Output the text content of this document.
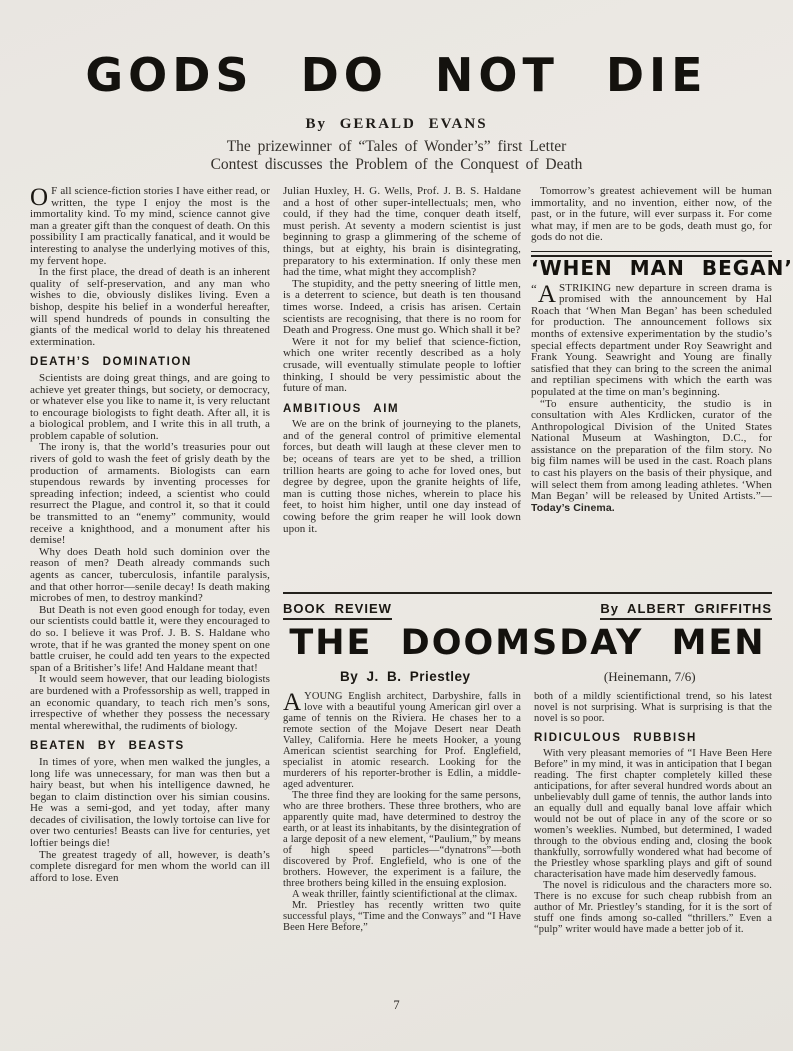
GODS DO NOT DIE
By GERALD EVANS
The prizewinner of “Tales of Wonder’s” first Letter
Contest discusses the Problem of the Conquest of Death

O F all science-fiction stories I have either read, or written, the type I enjoy the most is the immortality kind. To my mind, science cannot give man a greater gift than the conquest of death. On this possibility I am practically fanatical, and it would be interesting to analyse the underlying motives of this, my fervent hope.

In the first place, the dread of death is an inherent quality of self-preservation, and any man who wishes to die, obviously dislikes living. Even a bishop, despite his belief in a wonderful hereafter, will spend hundreds of pounds in consulting the giants of the medical world to delay his threatened extermination.

DEATH’S DOMINATION

Scientists are doing great things, and are going to achieve yet greater things, but society, or democracy, or whatever else you like to name it, is very reluctant to encourage biologists to fight death. After all, it is a biological problem, and I write this in all truth, a problem capable of solution.

The irony is, that the world’s treasuries pour out rivers of gold to wash the feet of grisly death by the production of armaments. Biologists can earn stupendous rewards by inventing processes for spreading infection; indeed, a scientist who could resurrect the Plague, and control it, so that it could be transmitted to an “enemy” community, would receive a knighthood, and a monument after his demise!

Why does Death hold such dominion over the reason of men? Death already commands such agents as cancer, tuberculosis, infantile paralysis, and that other horror—senile decay! Is death making microbes of men, to destroy mankind?

But Death is not even good enough for today, even our scientists could battle it, were they encouraged to do so. I believe it was Prof. J. B. S. Haldane who wrote, that if he was granted the money spent on one battle cruiser, he could add ten years to the expected span of a Britisher’s life! And Haldane meant that!

It would seem however, that our leading biologists are burdened with a Professorship as well, trapped in an economic quandary, to teach rich men’s sons, irrespective of whether they possess the necessary mental wherewithal, the rudiments of biology.

BEATEN BY BEASTS

In times of yore, when men walked the jungles, a long life was unnecessary, for man was then but a hairy beast, but when his intelligence dawned, he began to claim distinction over his simian cousins. He was a semi-god, and yet today, after many decades of civilisation, the lowly tortoise can live for over two centuries! Beasts can live for centuries, yet loftier beings die!

The greatest tragedy of all, however, is death’s complete disregard for men whom the world can ill afford to lose. Even

Julian Huxley, H. G. Wells, Prof. J. B. S. Haldane and a host of other super-intellectuals; men, who could, if they had the time, conquer death itself, must perish. At seventy a modern scientist is just beginning to grasp a glimmering of the scheme of things, but at eighty, his brain is disintegrating, preparatory to his extermination. If only these men had the time, what might they accomplish?

The stupidity, and the petty sneering of little men, is a deterrent to science, but death is ten thousand times worse. Indeed, a crisis has arisen. Certain scientists are recognising, that there is no room for Death and Progress. One must go. Which shall it be?

Were it not for my belief that science-fiction, which one writer recently described as a holy crusade, will eventually stimulate people to loftier thinking, I should be very pessimistic about the future of man.

AMBITIOUS AIM

We are on the brink of journeying to the planets, and of the general control of primitive elemental forces, but death will laugh at these clever men to be; oceans of tears are yet to be shed, a trillion trillion hearts are going to ache for loved ones, but degree by degree, upon the granite heights of life, man is cutting those niches, wherein to place his feet, to hoist him higher, until one day instead of cowing before the grim reaper he will look down upon it.

Tomorrow’s greatest achievement will be human immortality, and no invention, either now, of the past, or in the future, will ever surpass it. For come what may, if men are to be gods, death must go, for gods do not die.

‘WHEN MAN BEGAN’

“ A STRIKING new departure in screen drama is promised with the announcement by Hal Roach that ‘When Man Began’ has been scheduled for production. The announcement follows six months of extensive experimentation by the studio’s special effects department under Roy Seawright and Frank Young. Seawright and Young are finally satisfied that they can bring to the screen the animal and reptilian specimens with which the earth was populated at the time on man’s beginning.

“To ensure authenticity, the studio is in consultation with Ales Krdlicken, curator of the Anthropological Division of the United States National Museum at Washington, D.C., for assistance on the preparation of the film story. No big film names will be used in the cast. Roach plans to cast his players on the basis of their physique, and will select them from among leading athletes. ‘When Man Began’ will be released by United Artists.”—Today’s Cinema.

BOOK REVIEW	By ALBERT GRIFFITHS
THE DOOMSDAY MEN
By J. B. Priestley	(Heinemann, 7/6)

AYOUNG English architect, Darbyshire, falls in love with a beautiful young American girl over a game of tennis on the Riviera. He chases her to a remote section of the Mojave Desert near Death Valley, California. Here he meets Hooker, a young American scientist searching for Prof. Englefield, specialist in atomic research. Looking for the murderers of his reporter-brother is Edlin, a middle-aged adventurer.

The three find they are looking for the same persons, who are three brothers. These three brothers, who are apparently quite mad, have determined to destroy the earth, or at least its inhabitants, by the disintegration of a large deposit of a new element, “Paulium,” by means of high speed particles—“dynatrons”—both discovered by Prof. Englefield, who is one of the brothers. However, the experiment is a failure, the three brothers being killed in the ensuing explosion.

A weak thriller, faintly scientifictional at the climax.

Mr. Priestley has recently written two quite successful plays, “Time and the Conways” and “I Have Been Here Before,”

both of a mildly scientifictional trend, so his latest novel is not surprising. What is surprising is that the novel is so poor.

RIDICULOUS RUBBISH

With very pleasant memories of “I Have Been Here Before” in my mind, it was in anticipation that I began reading. The first chapter completely killed these anticipations, for after several hundred words about an unbelievably dull game of tennis, the author lands into an equally dull and equally banal love affair which would not be out of place in any of the score or so women’s weeklies. Numbed, but determined, I waded through to the obvious ending and, closing the book thankfully, sorrowfully wondered what had become of the Priestley whose sparkling plays and gift of sound characterisation have made him deservedly famous.

The novel is ridiculous and the characters more so. There is no excuse for such cheap rubbish from an author of Mr. Priestley’s standing, for it is the sort of stuff one finds among so-called “thrillers.” Even a “pulp” writer would have made a better job of it.

7
